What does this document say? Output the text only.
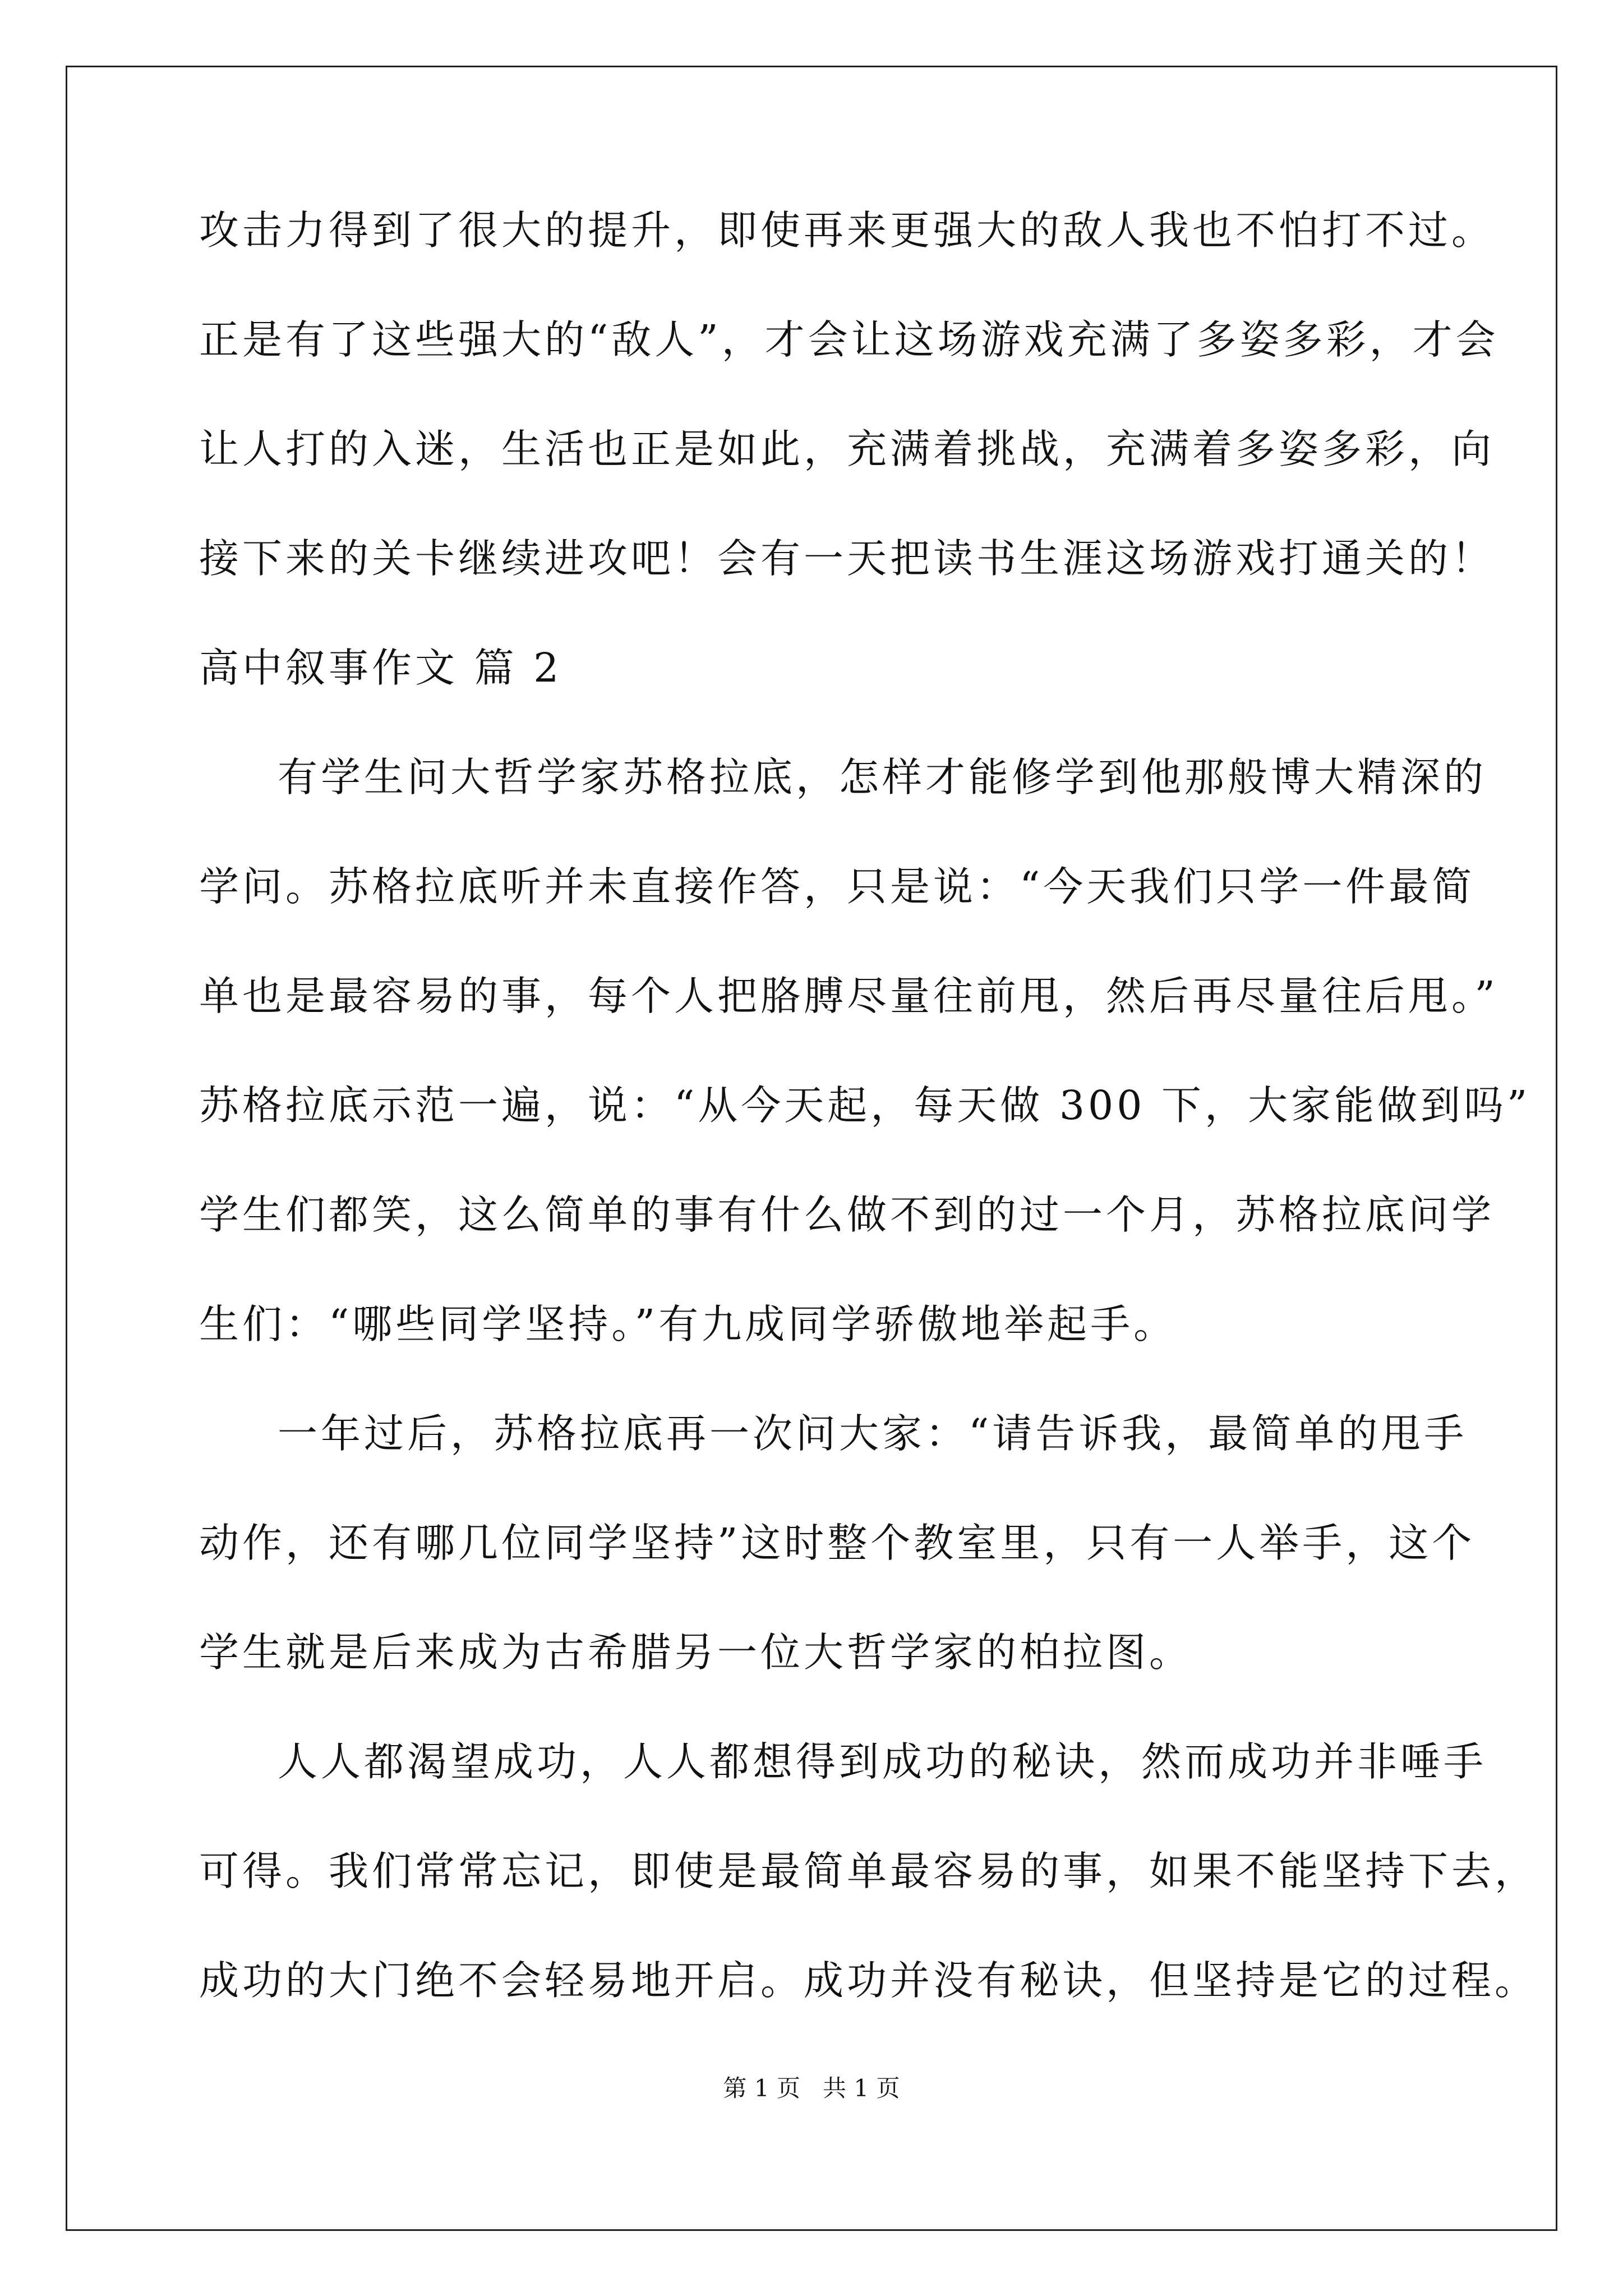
攻击力得到了很大的提升，即使再来更强大的敌人我也不怕打不过。
正是有了这些强大的“敌人”，才会让这场游戏充满了多姿多彩，才会
让人打的入迷，生活也正是如此，充满着挑战，充满着多姿多彩，向
接下来的关卡继续进攻吧！会有一天把读书生涯这场游戏打通关的！
高中叙事作文 篇 2
有学生问大哲学家苏格拉底，怎样才能修学到他那般博大精深的
学问。苏格拉底听并未直接作答，只是说：“今天我们只学一件最简
单也是最容易的事，每个人把胳膊尽量往前甩，然后再尽量往后甩。”
苏格拉底示范一遍，说：“从今天起，每天做 300 下，大家能做到吗”
学生们都笑，这么简单的事有什么做不到的过一个月，苏格拉底问学
生们：“哪些同学坚持。”有九成同学骄傲地举起手。
一年过后，苏格拉底再一次问大家：“请告诉我，最简单的甩手
动作，还有哪几位同学坚持”这时整个教室里，只有一人举手，这个
学生就是后来成为古希腊另一位大哲学家的柏拉图。
人人都渴望成功，人人都想得到成功的秘诀，然而成功并非唾手
可得。我们常常忘记，即使是最简单最容易的事，如果不能坚持下去，
成功的大门绝不会轻易地开启。成功并没有秘诀，但坚持是它的过程。
第 1 页   共 1 页
